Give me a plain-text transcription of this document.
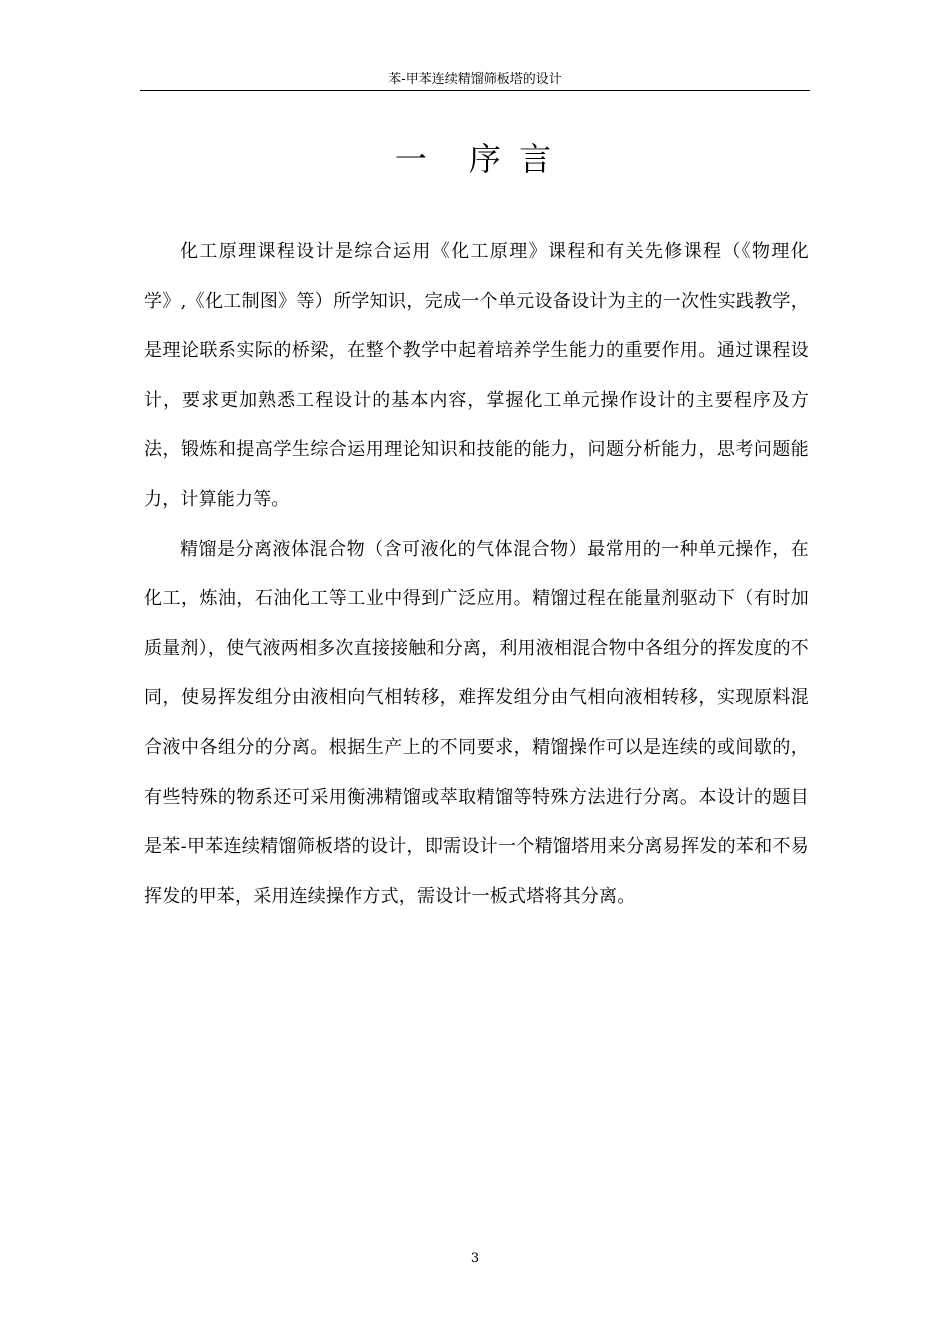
苯-甲苯连续精馏筛板塔的设计
一 序 言

化工原理课程设计是综合运用《化工原理》课程和有关先修课程（《物理化学》,《化工制图》等）所学知识，完成一个单元设备设计为主的一次性实践教学，是理论联系实际的桥梁，在整个教学中起着培养学生能力的重要作用。通过课程设计，要求更加熟悉工程设计的基本内容，掌握化工单元操作设计的主要程序及方法，锻炼和提高学生综合运用理论知识和技能的能力，问题分析能力，思考问题能力，计算能力等。

精馏是分离液体混合物（含可液化的气体混合物）最常用的一种单元操作，在化工，炼油，石油化工等工业中得到广泛应用。精馏过程在能量剂驱动下（有时加质量剂），使气液两相多次直接接触和分离，利用液相混合物中各组分的挥发度的不同，使易挥发组分由液相向气相转移，难挥发组分由气相向液相转移，实现原料混合液中各组分的分离。根据生产上的不同要求，精馏操作可以是连续的或间歇的，有些特殊的物系还可采用衡沸精馏或萃取精馏等特殊方法进行分离。本设计的题目是苯-甲苯连续精馏筛板塔的设计，即需设计一个精馏塔用来分离易挥发的苯和不易挥发的甲苯，采用连续操作方式，需设计一板式塔将其分离。

3
